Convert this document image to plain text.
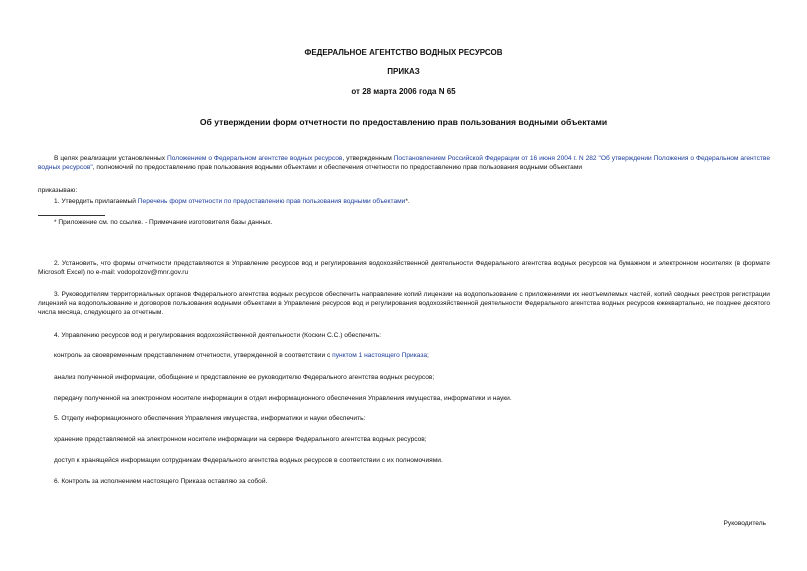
ФЕДЕРАЛЬНОЕ АГЕНТСТВО ВОДНЫХ РЕСУРСОВ
ПРИКАЗ
от 28 марта 2006 года N 65
Об утверждении форм отчетности по предоставлению прав пользования водными объектами
В целях реализации установленных Положением о Федеральном агентстве водных ресурсов, утвержденным Постановлением Российской Федерации от 16 июня 2004 г. N 282 "Об утверждении Положения о Федеральном агентстве водных ресурсов", полномочий по предоставлению прав пользования водными объектами и обеспечения отчетности по предоставлению прав пользования водными объектами
приказываю:
1. Утвердить прилагаемый Перечень форм отчетности по предоставлению прав пользования водными объектами*.
* Приложение см. по ссылке. - Примечание изготовителя базы данных.
2. Установить, что формы отчетности представляются в Управление ресурсов вод и регулирования водохозяйственной деятельности Федерального агентства водных ресурсов на бумажном и электронном носителях (в формате Microsoft Excel) по e-mail: vodopolzov@mnr.gov.ru
3. Руководителям территориальных органов Федерального агентства водных ресурсов обеспечить направление копий лицензии на водопользование с приложениями их неотъемлемых частей, копий сводных реестров регистрации лицензий на водопользование и договоров пользования водными объектами в Управление ресурсов вод и регулирования водохозяйственной деятельности Федерального агентства водных ресурсов ежеквартально, не позднее десятого числа месяца, следующего за отчетным.
4. Управлению ресурсов вод и регулирования водохозяйственной деятельности (Коскин С.С.) обеспечить:
контроль за своевременным представлением отчетности, утвержденной в соответствии с пунктом 1 настоящего Приказа;
анализ полученной информации, обобщение и представление ее руководителю Федерального агентства водных ресурсов;
передачу полученной на электронном носителе информации в отдел информационного обеспечения Управления имущества, информатики и науки.
5. Отделу информационного обеспечения Управления имущества, информатики и науки обеспечить:
хранение представляемой на электронном носителе информации на сервере Федерального агентства водных ресурсов;
доступ к хранящейся информации сотрудникам Федерального агентства водных ресурсов в соответствии с их полномочиями.
6. Контроль за исполнением настоящего Приказа оставляю за собой.
Руководитель
